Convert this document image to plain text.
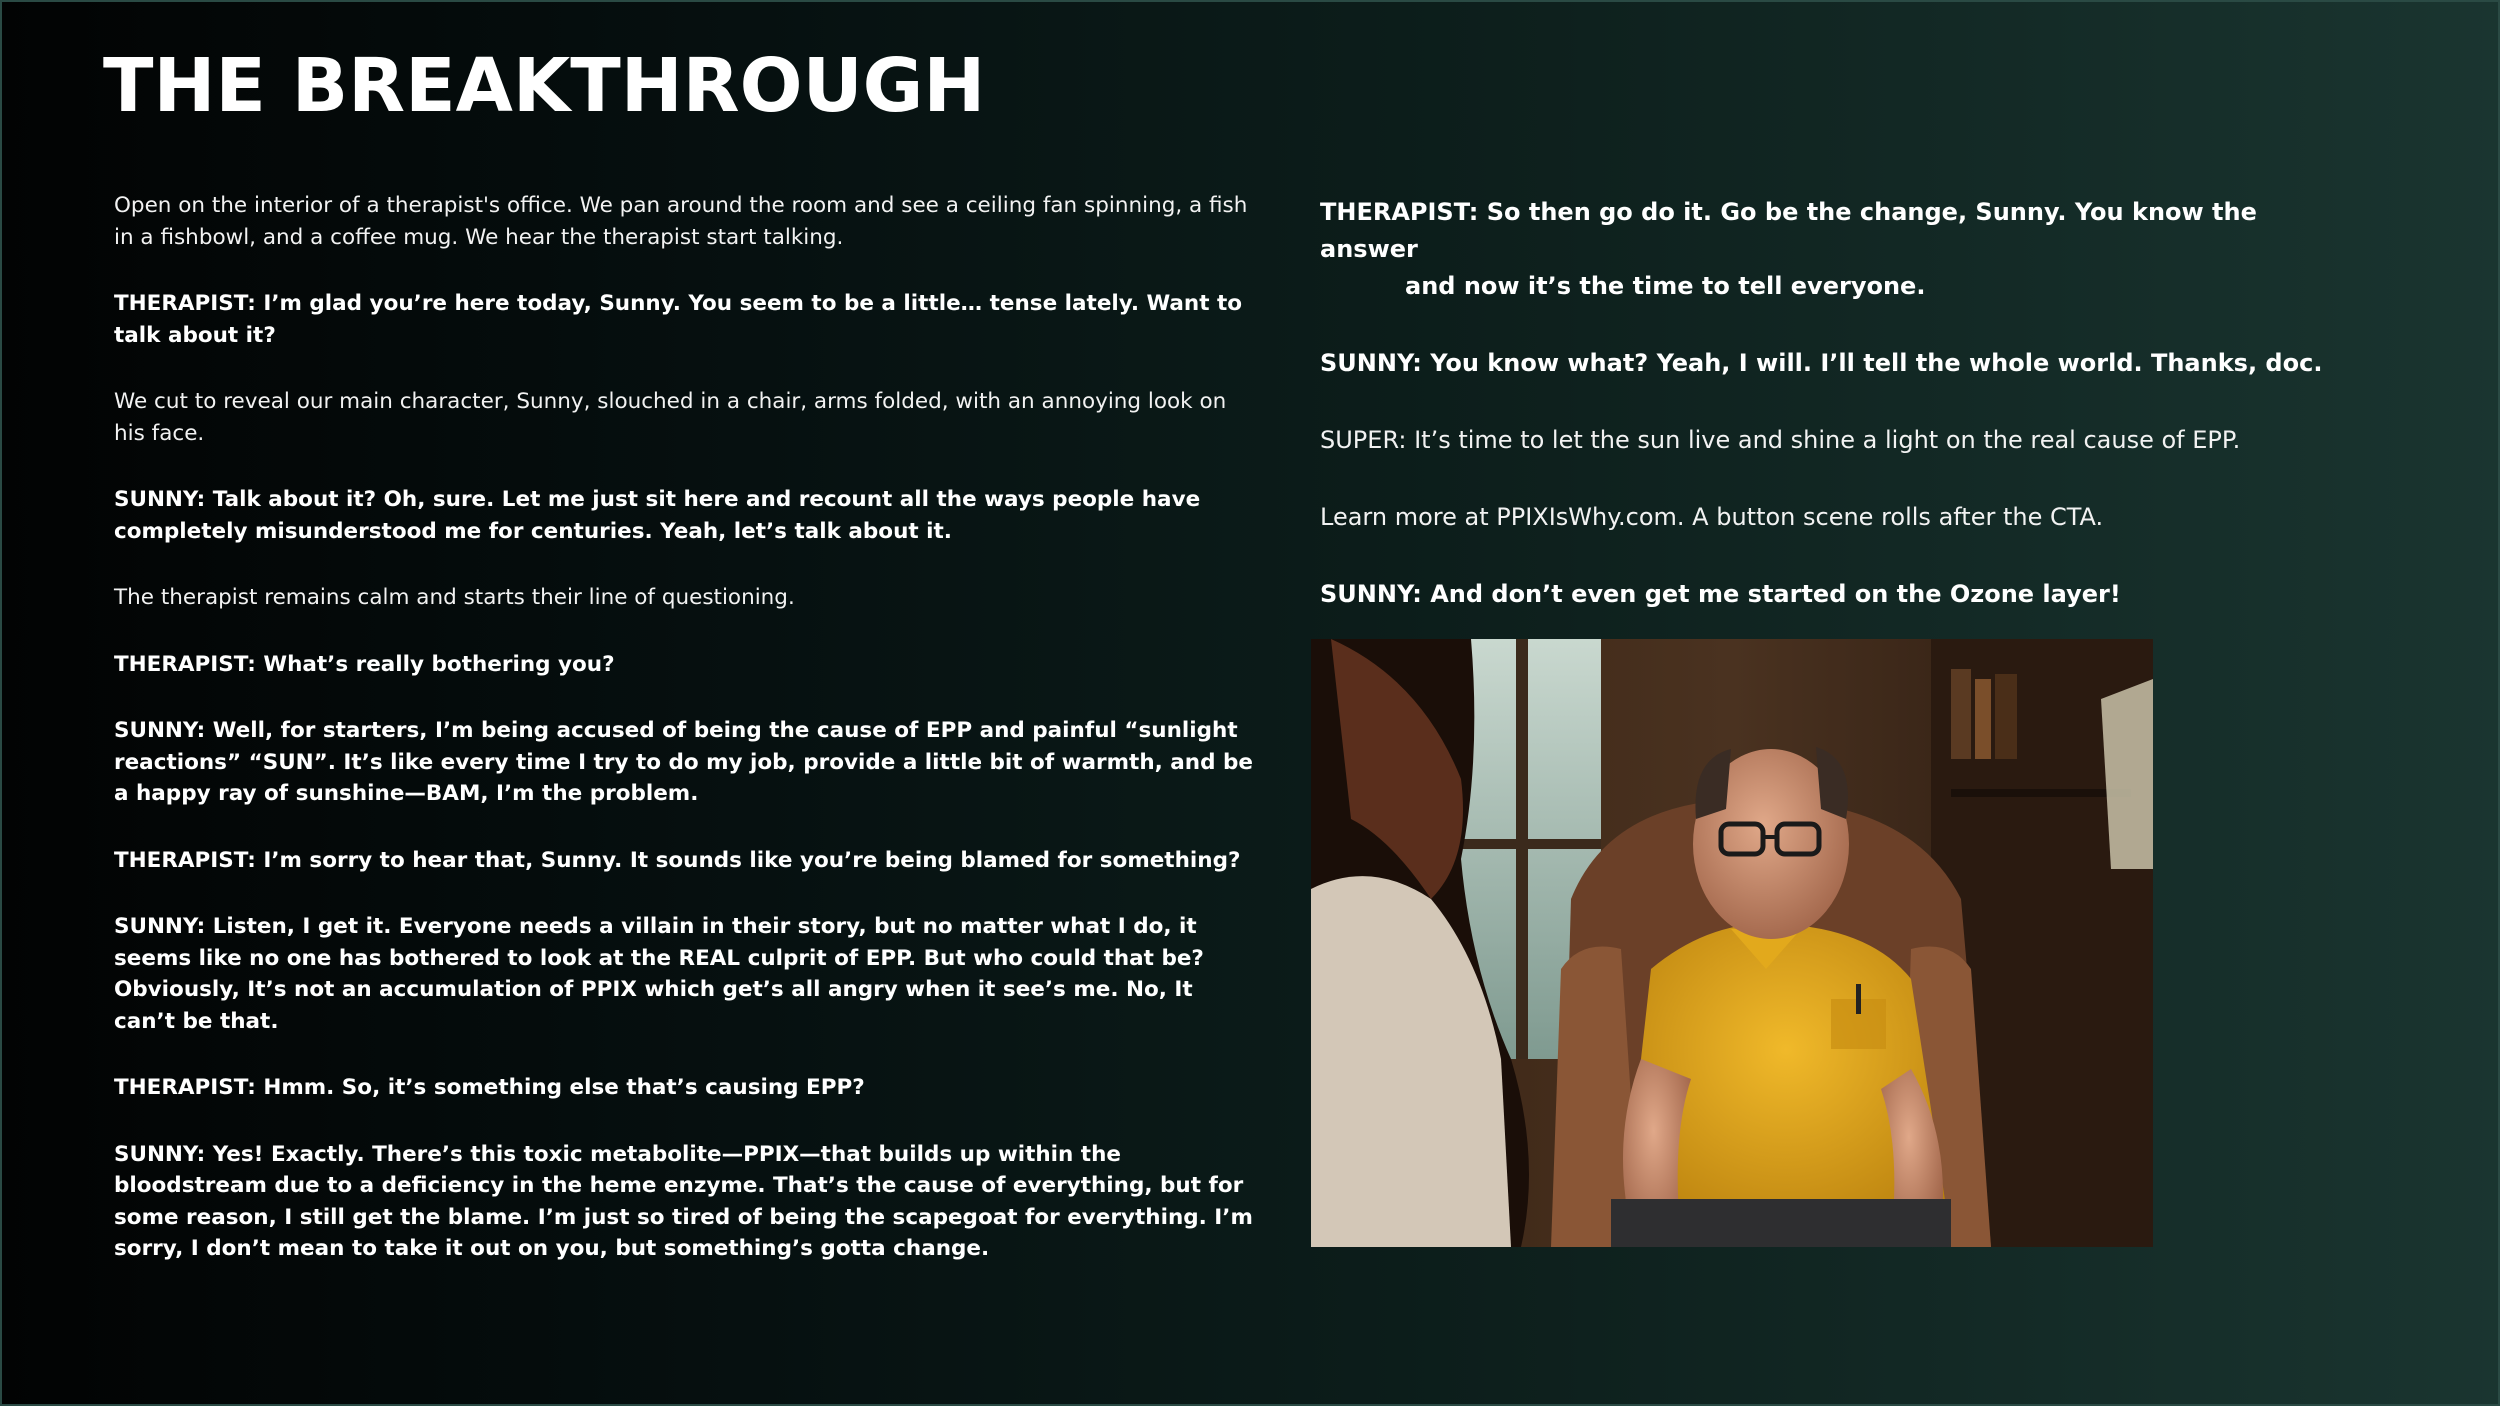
THE BREAKTHROUGH

Open on the interior of a therapist's office. We pan around the room and see a ceiling fan spinning, a fish in a fishbowl, and a coffee mug. We hear the therapist start talking.

THERAPIST: I’m glad you’re here today, Sunny. You seem to be a little… tense lately. Want to talk about it?

We cut to reveal our main character, Sunny, slouched in a chair, arms folded, with an annoying look on his face.

SUNNY: Talk about it? Oh, sure. Let me just sit here and recount all the ways people have completely misunderstood me for centuries. Yeah, let’s talk about it.

The therapist remains calm and starts their line of questioning.

THERAPIST: What’s really bothering you?

SUNNY: Well, for starters, I’m being accused of being the cause of EPP and painful “sunlight reactions” “SUN”. It’s like every time I try to do my job, provide a little bit of warmth, and be a happy ray of sunshine—BAM, I’m the problem.

THERAPIST: I’m sorry to hear that, Sunny. It sounds like you’re being blamed for something?

SUNNY: Listen, I get it. Everyone needs a villain in their story, but no matter what I do, it seems like no one has bothered to look at the REAL culprit of EPP. But who could that be? Obviously, It’s not an accumulation of PPIX which get’s all angry when it see’s me. No, It can’t be that.

THERAPIST: Hmm. So, it’s something else that’s causing EPP?

SUNNY: Yes! Exactly. There’s this toxic metabolite—PPIX—that builds up within the bloodstream due to a deficiency in the heme enzyme. That’s the cause of everything, but for some reason, I still get the blame. I’m just so tired of being the scapegoat for everything. I’m sorry, I don’t mean to take it out on you, but something’s gotta change.

THERAPIST: So then go do it. Go be the change, Sunny. You know the answer
and now it’s the time to tell everyone.

SUNNY: You know what? Yeah, I will. I’ll tell the whole world. Thanks, doc.

SUPER: It’s time to let the sun live and shine a light on the real cause of EPP.

Learn more at PPIXIsWhy.com. A button scene rolls after the CTA.

SUNNY: And don’t even get me started on the Ozone layer!
